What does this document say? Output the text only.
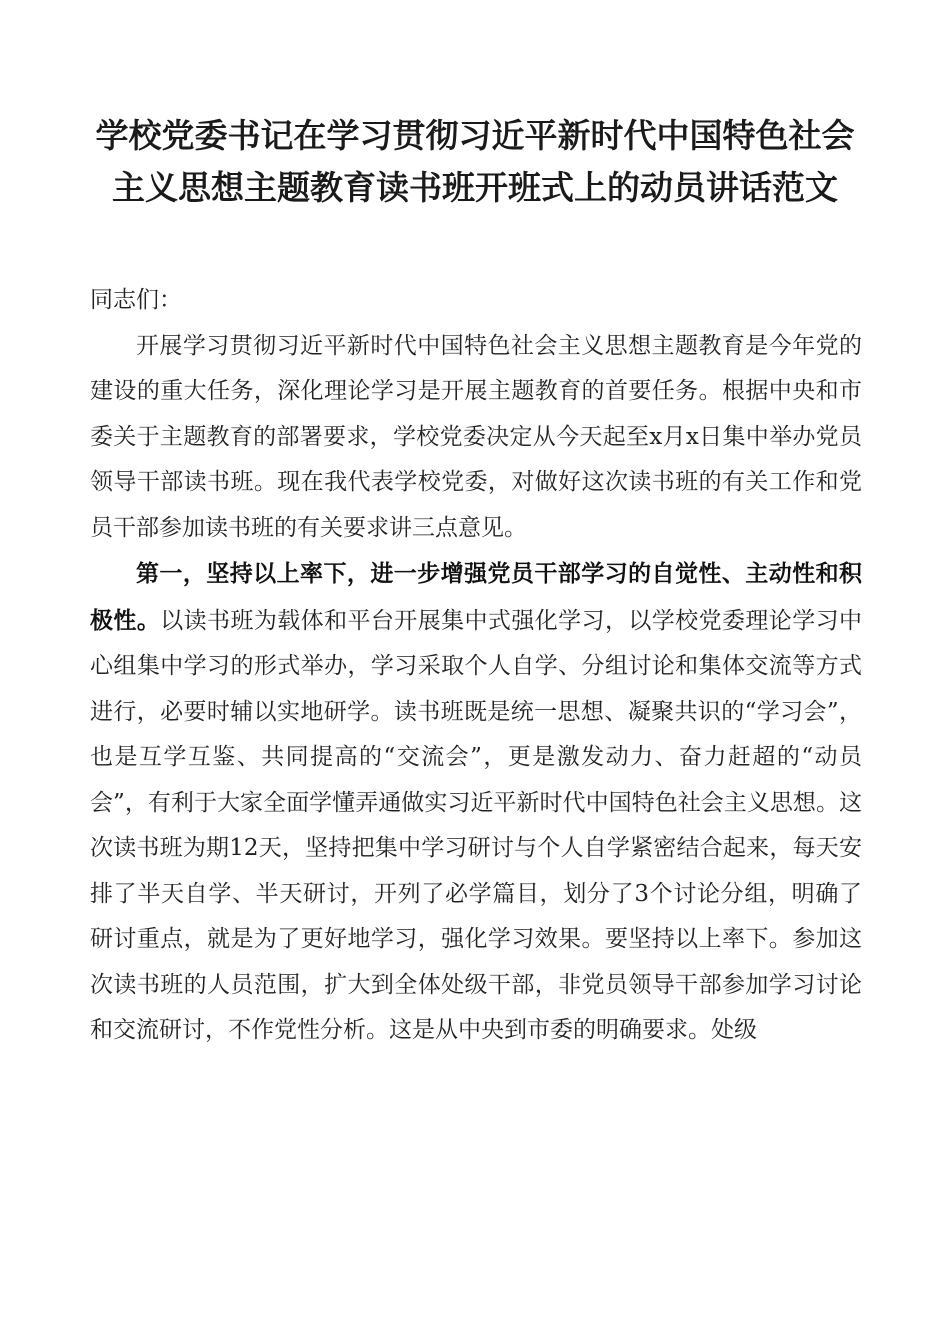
学校党委书记在学习贯彻习近平新时代中国特色社会主义思想主题教育读书班开班式上的动员讲话范文

同志们：

开展学习贯彻习近平新时代中国特色社会主义思想主题教育是今年党的建设的重大任务，深化理论学习是开展主题教育的首要任务。根据中央和市委关于主题教育的部署要求，学校党委决定从今天起至x月x日集中举办党员领导干部读书班。现在我代表学校党委，对做好这次读书班的有关工作和党员干部参加读书班的有关要求讲三点意见。

第一，坚持以上率下，进一步增强党员干部学习的自觉性、主动性和积极性。以读书班为载体和平台开展集中式强化学习，以学校党委理论学习中心组集中学习的形式举办，学习采取个人自学、分组讨论和集体交流等方式进行，必要时辅以实地研学。读书班既是统一思想、凝聚共识的“学习会”，也是互学互鉴、共同提高的“交流会”，更是激发动力、奋力赶超的“动员会”，有利于大家全面学懂弄通做实习近平新时代中国特色社会主义思想。这次读书班为期12天，坚持把集中学习研讨与个人自学紧密结合起来，每天安排了半天自学、半天研讨，开列了必学篇目，划分了3个讨论分组，明确了研讨重点，就是为了更好地学习，强化学习效果。要坚持以上率下。参加这次读书班的人员范围，扩大到全体处级干部，非党员领导干部参加学习讨论和交流研讨，不作党性分析。这是从中央到市委的明确要求。处级
